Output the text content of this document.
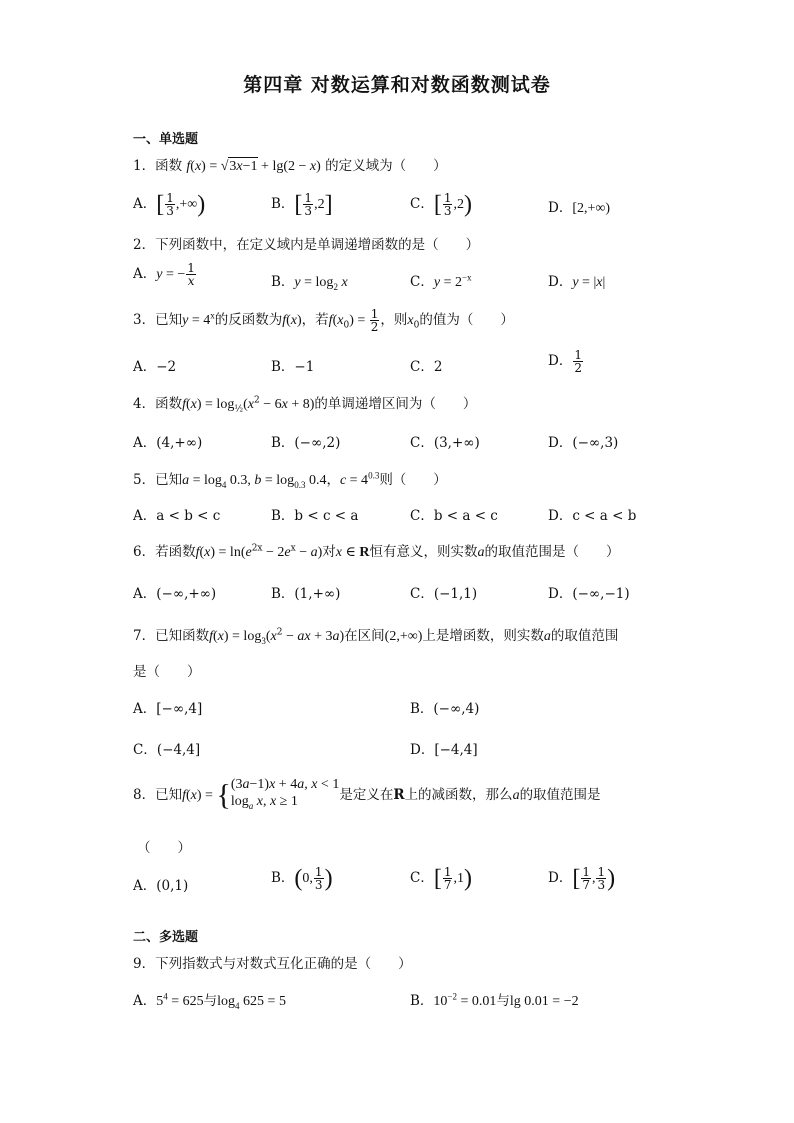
第四章 对数运算和对数函数测试卷
一、单选题
1．函数 f(x) = √3x−1 + lg(2 − x) 的定义域为（　　）
A．[ $\frac{1}{3}$ ,+∞)	B．[ $\frac{1}{3} ,2$]	C．[ $\frac{1}{3} ,2$)	D．[2,+∞)
2．下列函数中，在定义域内是单调递增函数的是（　　）
A．y = − $\frac{1}{x}$	B．$y = \log_2 x$	C．$y = 2^{-x}$	D．y = |x|
3．已知$y = 4^x$的反函数为f(x)，若$f(x_0) = \frac{1}{2}$ ，则$x_0$的值为（　　）
A．−2	B．−1	C．2	D． $\frac{1}{2}$
4．函数$f(x) = \log_{\frac{1}{2}}(x^2 - 6x + 8)$的单调递增区间为（　　）
A．(4,+∞)	B．(−∞,2)	C．(3,+∞)	D．(−∞,3)
5．已知$a = \log_4 0.3$, $b = \log_{0.3} 0.4$，$c = 4^{0.3}$则（　　）
A．a < b < c	B．b < c < a	C．b < a < c	D．c < a < b
6．若函数$f(x) = \ln(e^{2x} - 2e^x - a)$对x ∈ R恒有意义，则实数a的取值范围是（　　）
A．(−∞,+∞)	B．(1,+∞)	C．(−1,1)	D．(−∞,−1)
7．已知函数$f(x) = \log_3(x^2$ − ax + 3a)在区间(2,+∞)上是增函数，则实数a的取值范围
是（　　）
A．[−∞,4]	B．(−∞,4)
C．(−4,4]	D．[−4,4]
8．已知f(x) = {(3a−1)x + 4a, x < 1
$\log_a x$, x ≥ 1	是定义在R上的减函数，那么a的取值范围是
（　　）
A．(0,1)	B．(0, $\frac{1}{3}$ )	C．[ $\frac{1}{7} ,1$)	D．[ $\frac{1}{7}$ , $\frac{1}{3}$ )
二、多选题
9．下列指数式与对数式互化正确的是（　　）
A．$5^4 = 625$与$\log_4 625 = 5$	B．$10^{-2} = 0.01$与lg 0.01 = −2
